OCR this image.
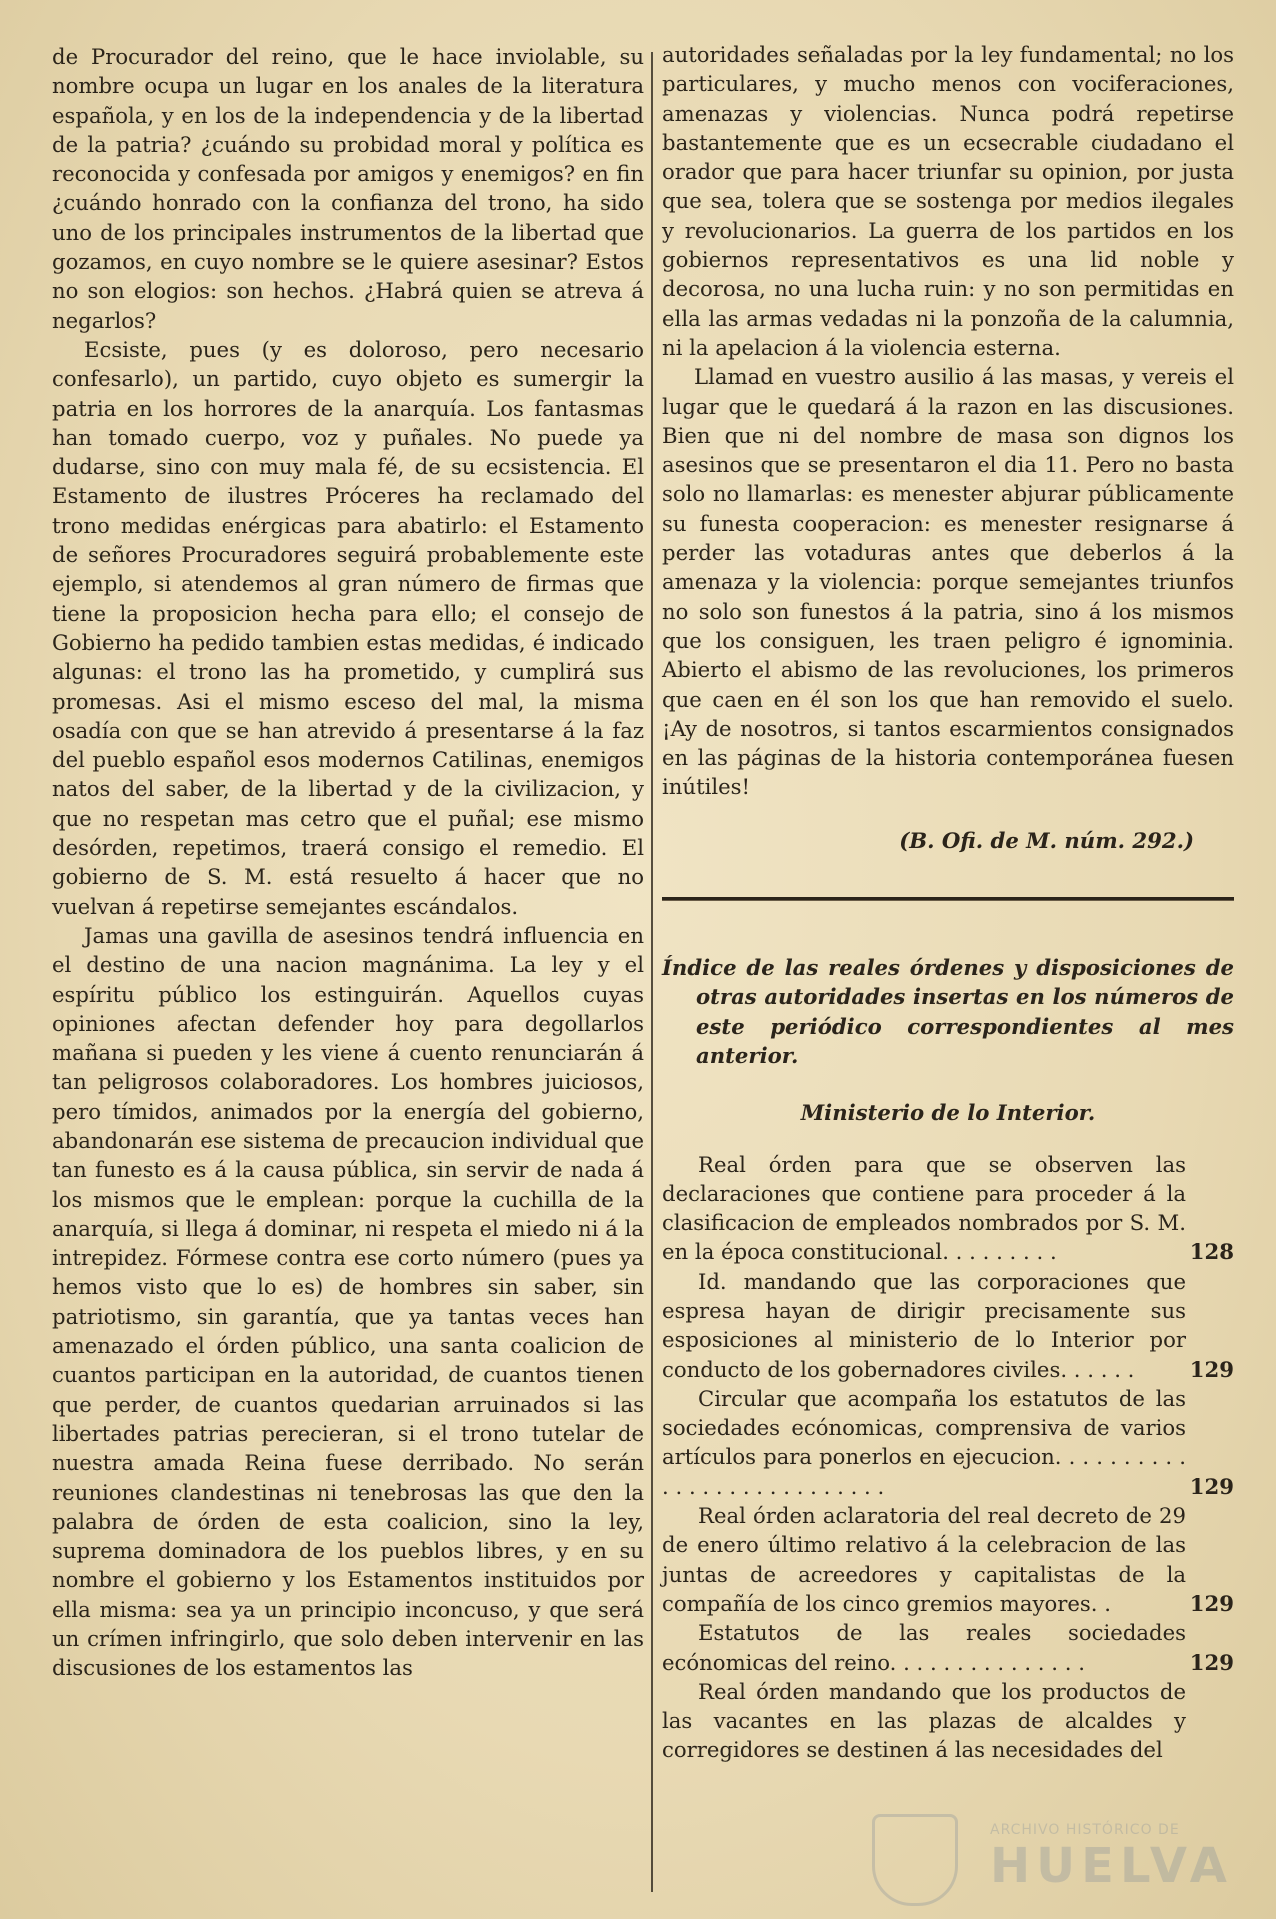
de Procurador del reino, que le hace inviolable, su nombre ocupa un lugar en los anales de la literatura española, y en los de la independencia y de la libertad de la patria? ¿cuándo su probidad moral y política es reconocida y confesada por amigos y enemigos? en fin ¿cuándo honrado con la confianza del trono, ha sido uno de los principales instrumentos de la libertad que gozamos, en cuyo nombre se le quiere asesinar? Estos no son elogios: son hechos. ¿Habrá quien se atreva á negarlos?

Ecsiste, pues (y es doloroso, pero necesario confesarlo), un partido, cuyo objeto es sumergir la patria en los horrores de la anarquía. Los fantasmas han tomado cuerpo, voz y puñales. No puede ya dudarse, sino con muy mala fé, de su ecsistencia. El Estamento de ilustres Próceres ha reclamado del trono medidas enérgicas para abatirlo: el Estamento de señores Procuradores seguirá probablemente este ejemplo, si atendemos al gran número de firmas que tiene la proposicion hecha para ello; el consejo de Gobierno ha pedido tambien estas medidas, é indicado algunas: el trono las ha prometido, y cumplirá sus promesas. Asi el mismo esceso del mal, la misma osadía con que se han atrevido á presentarse á la faz del pueblo español esos modernos Catilinas, enemigos natos del saber, de la libertad y de la civilizacion, y que no respetan mas cetro que el puñal; ese mismo desórden, repetimos, traerá consigo el remedio. El gobierno de S. M. está resuelto á hacer que no vuelvan á repetirse semejantes escándalos.

Jamas una gavilla de asesinos tendrá influencia en el destino de una nacion magnánima. La ley y el espíritu público los estinguirán. Aquellos cuyas opiniones afectan defender hoy para degollarlos mañana si pueden y les viene á cuento renunciarán á tan peligrosos colaboradores. Los hombres juiciosos, pero tímidos, animados por la energía del gobierno, abandonarán ese sistema de precaucion individual que tan funesto es á la causa pública, sin servir de nada á los mismos que le emplean: porque la cuchilla de la anarquía, si llega á dominar, ni respeta el miedo ni á la intrepidez. Fórmese contra ese corto número (pues ya hemos visto que lo es) de hombres sin saber, sin patriotismo, sin garantía, que ya tantas veces han amenazado el órden público, una santa coalicion de cuantos participan en la autoridad, de cuantos tienen que perder, de cuantos quedarian arruinados si las libertades patrias perecieran, si el trono tutelar de nuestra amada Reina fuese derribado. No serán reuniones clandestinas ni tenebrosas las que den la palabra de órden de esta coalicion, sino la ley, suprema dominadora de los pueblos libres, y en su nombre el gobierno y los Estamentos instituidos por ella misma: sea ya un principio inconcuso, y que será un crímen infringirlo, que solo deben intervenir en las discusiones de los estamentos las

autoridades señaladas por la ley fundamental; no los particulares, y mucho menos con vociferaciones, amenazas y violencias. Nunca podrá repetirse bastantemente que es un ecsecrable ciudadano el orador que para hacer triunfar su opinion, por justa que sea, tolera que se sostenga por medios ilegales y revolucionarios. La guerra de los partidos en los gobiernos representativos es una lid noble y decorosa, no una lucha ruin: y no son permitidas en ella las armas vedadas ni la ponzoña de la calumnia, ni la apelacion á la violencia esterna.

Llamad en vuestro ausilio á las masas, y vereis el lugar que le quedará á la razon en las discusiones. Bien que ni del nombre de masa son dignos los asesinos que se presentaron el dia 11. Pero no basta solo no llamarlas: es menester abjurar públicamente su funesta cooperacion: es menester resignarse á perder las votaduras antes que deberlos á la amenaza y la violencia: porque semejantes triunfos no solo son funestos á la patria, sino á los mismos que los consiguen, les traen peligro é ignominia. Abierto el abismo de las revoluciones, los primeros que caen en él son los que han removido el suelo. ¡Ay de nosotros, si tantos escarmientos consignados en las páginas de la historia contemporánea fuesen inútiles!

(B. Ofi. de M. núm. 292.)

Índice de las reales órdenes y disposiciones de otras autoridades insertas en los números de este periódico correspondientes al mes anterior.

Ministerio de lo Interior.

Real órden para que se observen las declaraciones que contiene para proceder á la clasificacion de empleados nombrados por S. M. en la época constitucional. . . . . . . . .	128
Id. mandando que las corporaciones que espresa hayan de dirigir precisamente sus esposiciones al ministerio de lo Interior por conducto de los gobernadores civiles. . . . . .	129
Circular que acompaña los estatutos de las sociedades ecónomicas, comprensiva de varios artículos para ponerlos en ejecucion. . . . . . . . . . . . . . . . . . . . . . . . . . .	129
Real órden aclaratoria del real decreto de 29 de enero último relativo á la celebracion de las juntas de acreedores y capitalistas de la compañía de los cinco gremios mayores. .	129
Estatutos de las reales sociedades ecónomicas del reino. . . . . . . . . . . . . . .	129
Real órden mandando que los productos de las vacantes en las plazas de alcaldes y corregidores se destinen á las necesidades del
ARCHIVO HISTÓRICO DE
HUELVA
